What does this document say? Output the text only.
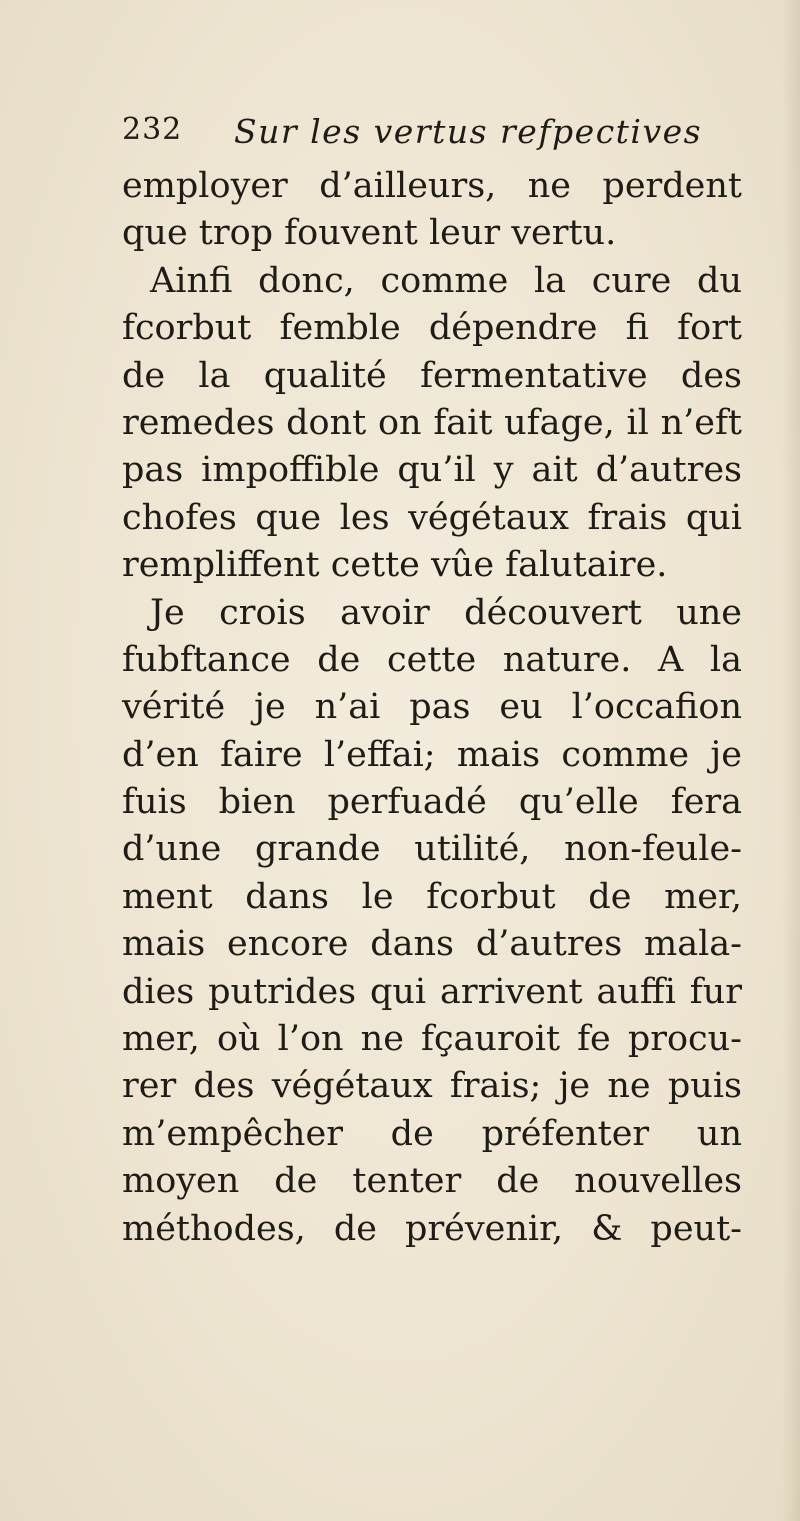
232 Sur les vertus refpectives
employer d’ailleurs, ne perdent
que trop fouvent leur vertu.
Ainfi donc, comme la cure du
fcorbut femble dépendre fi fort
de la qualité fermentative des
remedes dont on fait ufage, il n’eft
pas impoffible qu’il y ait d’autres
chofes que les végétaux frais qui
rempliffent cette vûe falutaire.
Je crois avoir découvert une
fubftance de cette nature. A la
vérité je n’ai pas eu l’occafion
d’en faire l’effai; mais comme je
fuis bien perfuadé qu’elle fera
d’une grande utilité, non-feule-
ment dans le fcorbut de mer,
mais encore dans d’autres mala-
dies putrides qui arrivent auffi fur
mer, où l’on ne fçauroit fe procu-
rer des végétaux frais; je ne puis
m’empêcher de préfenter un
moyen de tenter de nouvelles
méthodes, de prévenir, & peut-
